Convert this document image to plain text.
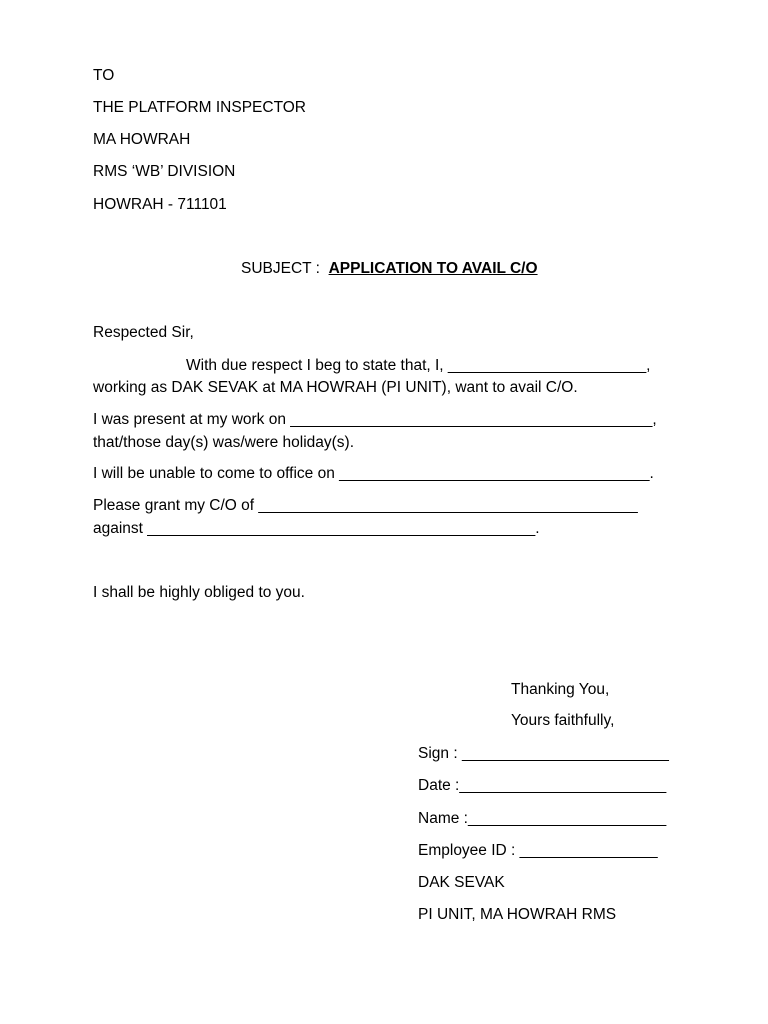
TO
THE PLATFORM INSPECTOR
MA HOWRAH
RMS ‘WB’ DIVISION
HOWRAH - 711101
SUBJECT : APPLICATION TO AVAIL C/O
Respected Sir,
With due respect I beg to state that, I, _______________________,
working as DAK SEVAK at MA HOWRAH (PI UNIT), want to avail C/O.
I was present at my work on __________________________________________,
that/those day(s) was/were holiday(s).
I will be unable to come to office on ____________________________________.
Please grant my C/O of ____________________________________________
against _____________________________________________.
I shall be highly obliged to you.
Thanking You,
Yours faithfully,
Sign : ________________________
Date :________________________
Name :_______________________
Employee ID : ________________
DAK SEVAK
PI UNIT, MA HOWRAH RMS
